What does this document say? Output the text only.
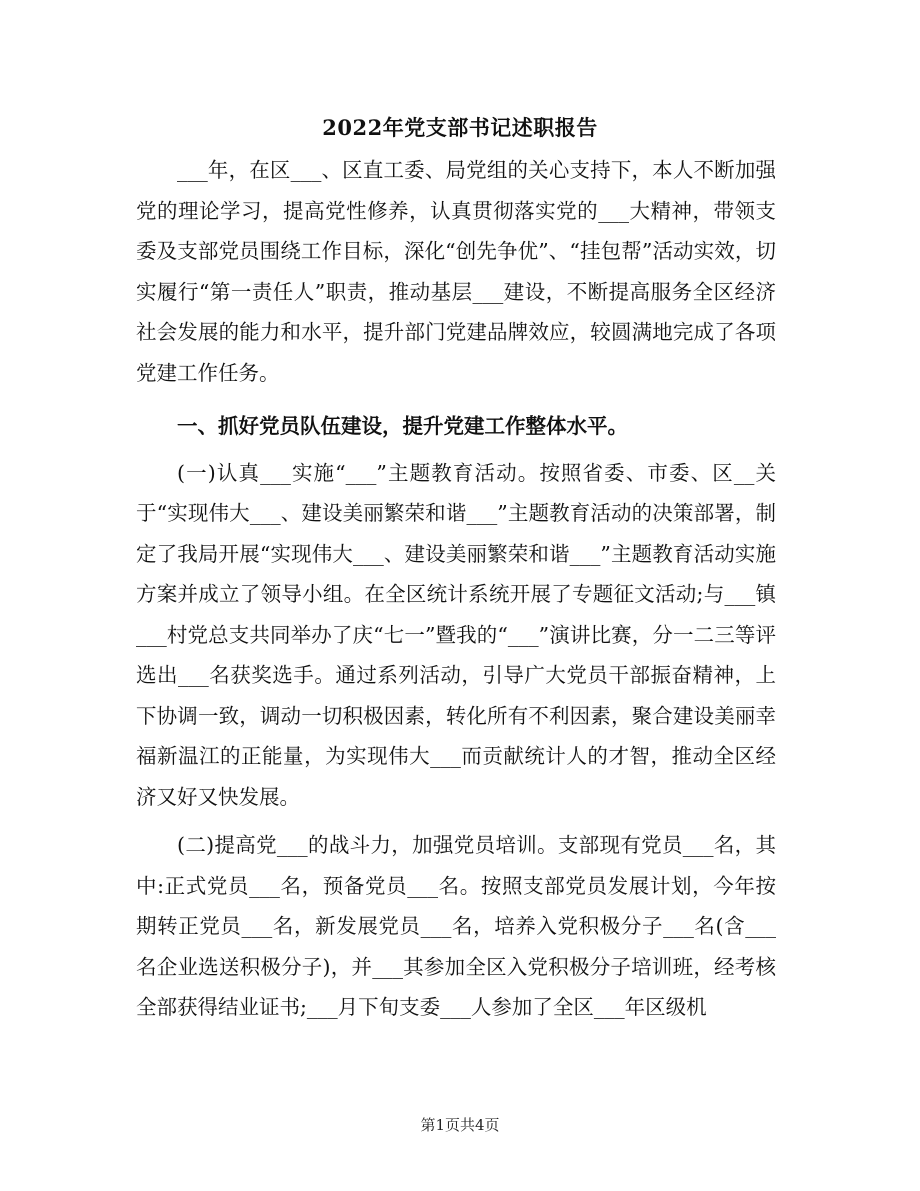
2022年党支部书记述职报告

___年，在区___、区直工委、局党组的关心支持下，本人不断加强党的理论学习，提高党性修养，认真贯彻落实党的___大精神，带领支委及支部党员围绕工作目标，深化“创先争优”、“挂包帮”活动实效，切实履行“第一责任人”职责，推动基层___建设，不断提高服务全区经济社会发展的能力和水平，提升部门党建品牌效应，较圆满地完成了各项党建工作任务。

一、抓好党员队伍建设，提升党建工作整体水平。

(一)认真___实施“___”主题教育活动。按照省委、市委、区__关于“实现伟大___、建设美丽繁荣和谐___”主题教育活动的决策部署，制定了我局开展“实现伟大___、建设美丽繁荣和谐___”主题教育活动实施方案并成立了领导小组。在全区统计系统开展了专题征文活动;与___镇___村党总支共同举办了庆“七一”暨我的“___”演讲比赛，分一二三等评选出___名获奖选手。通过系列活动，引导广大党员干部振奋精神，上下协调一致，调动一切积极因素，转化所有不利因素，聚合建设美丽幸福新温江的正能量，为实现伟大___而贡献统计人的才智，推动全区经济又好又快发展。

(二)提高党___的战斗力，加强党员培训。支部现有党员___名，其中:正式党员___名，预备党员___名。按照支部党员发展计划，今年按期转正党员___名，新发展党员___名，培养入党积极分子___名(含___名企业选送积极分子)，并___其参加全区入党积极分子培训班，经考核全部获得结业证书;___月下旬支委___人参加了全区___年区级机

第1页共4页
